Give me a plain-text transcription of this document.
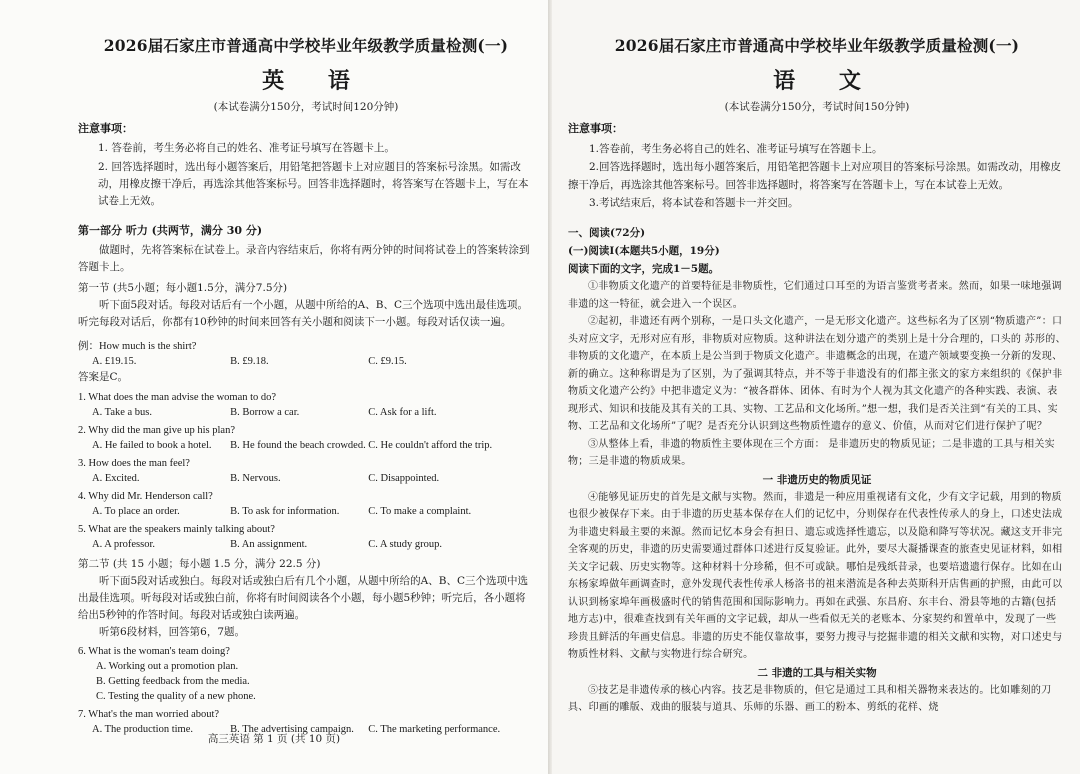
2026届石家庄市普通高中学校毕业年级教学质量检测(一)
英 语
(本试卷满分150分，考试时间120分钟)
注意事项：

1. 答卷前，考生务必将自己的姓名、准考证号填写在答题卡上。

2. 回答选择题时，选出每小题答案后，用铅笔把答题卡上对应题目的答案标号涂黑。如需改动，用橡皮擦干净后，再选涂其他答案标号。回答非选择题时，将答案写在答题卡上，写在本试卷上无效。

第一部分 听力 (共两节，满分 30 分)

做题时，先将答案标在试卷上。录音内容结束后，你将有两分钟的时间将试卷上的答案转涂到答题卡上。

第一节 (共5小题；每小题1.5分，满分7.5分)

听下面5段对话。每段对话后有一个小题，从题中所给的A、B、C三个选项中选出最佳选项。听完每段对话后，你都有10秒钟的时间来回答有关小题和阅读下一小题。每段对话仅读一遍。

例：How much is the shirt?

A. £19.15.	B. £9.18.	C. £9.15.

答案是C。

1. What does the man advise the woman to do?

A. Take a bus.	B. Borrow a car.	C. Ask for a lift.

2. Why did the man give up his plan?

A. He failed to book a hotel.	B. He found the beach crowded. C. He couldn't afford the trip.

3. How does the man feel?

A. Excited.	B. Nervous.	C. Disappointed.

4. Why did Mr. Henderson call?

A. To place an order.	B. To ask for information.	C. To make a complaint.

5. What are the speakers mainly talking about?

A. A professor.	B. An assignment.	C. A study group.

第二节 (共 15 小题；每小题 1.5 分，满分 22.5 分)

听下面5段对话或独白。每段对话或独白后有几个小题，从题中所给的A、B、C三个选项中选出最佳选项。听每段对话或独白前，你将有时间阅读各个小题，每小题5秒钟；听完后，各小题将给出5秒钟的作答时间。每段对话或独白读两遍。

听第6段材料，回答第6，7题。

6. What is the woman's team doing?

A. Working out a promotion plan.

B. Getting feedback from the media.

C. Testing the quality of a new phone.

7. What's the man worried about?

A. The production time.	B. The advertising campaign.	C. The marketing performance.
高三英语 第 1 页 (共 10 页)
2026届石家庄市普通高中学校毕业年级教学质量检测(一)
语 文
(本试卷满分150分，考试时间150分钟)
注意事项：

1.答卷前，考生务必将自己的姓名、准考证号填写在答题卡上。

2.回答选择题时，选出每小题答案后，用铅笔把答题卡上对应项目的答案标号涂黑。如需改动，用橡皮擦干净后，再选涂其他答案标号。回答非选择题时，将答案写在答题卡上，写在本试卷上无效。

3.考试结束后，将本试卷和答题卡一并交回。

一、阅读(72分)

(一)阅读Ⅰ(本题共5小题，19分)

阅读下面的文字，完成1－5题。

①非物质文化遗产的首要特征是非物质性，它们通过口耳至的为语言鉴赏考者来。然而，如果一味地强调非遗的这一特征，就会进入一个误区。

②起初，非遗还有两个别称，一是口头文化遗产，一是无形文化遗产。这些标名为了区别“物质遗产”：口头对应文字，无形对应有形，非物质对应物质。这种讲法在划分遗产的类别上是十分合理的，口头的 苏形的、非物质的文化遗产，在本质上是公当到于物质文化遗产。非遗概念的出现，在遗产领域要变换一分新的发现、新的确立。这种称谓是为了区别，为了强调其特点，并不等于非遗没有的们都主张文的家方来组织的《保护非物质文化遗产公约》中把非遗定义为：“被各群体、团体、有时为个人视为其文化遗产的各种实践、表演、表现形式、知识和技能及其有关的工具、实物、工艺品和文化场所。”想一想，我们是否关注到“有关的工具、实物、工艺品和文化场所”了呢？是否充分认识到这些物质性遗存的意义、价值，从而对它们进行保护了呢？

③从整体上看，非遗的物质性主要体现在三个方面： 是非遗历史的物质见证；二是非遗的工具与相关实物；三是非遗的物质成果。

一 非遗历史的物质见证

④能够见证历史的首先是文献与实物。然而，非遗是一种应用重视诸有文化，少有文字记载，用到的物质也很少被保存下来。由于非遗的历史基本保存在人们的记忆中，分则保存在代表性传承人的身上，口述史法成为非遗史料最主要的来源。然而记忆本身会有担日、遗忘或选择性遗忘，以及隐和降写等状况。藏这支开非完全客观的历史，非遗的历史需要通过群体口述进行反复验证。此外，要尽大凝播课查的旅查史见证材料，如相关文字记载、历史实物等。这种材料十分珍稀，但不可或缺。哪怕是残纸昔录，也要培遗遗行保存。比如在山东杨家埠做年画调查时，意外发现代表性传承人杨洛书的祖来潜流是各种去英斯科开店售画的护照，由此可以认识到杨家埠年画极盛时代的销售范围和国际影响力。再如在武强、东昌府、东丰台、滑县等地的古籍(包括地方志)中，很难查找到有关年画的文字记载，却从一些看似无关的老账本、分家契约和置单中，发现了一些珍贵且鲜活的年画史信息。非遗的历史不能仅靠故事，要努力搜寻与挖掘非遗的相关文献和实物，对口述史与物质性材料、文献与实物进行综合研究。

二 非遗的工具与相关实物

⑤技艺是非遗传承的核心内容。技艺是非物质的，但它是通过工具和相关器物来表达的。比如雕刻的刀具、印画的雕版、戏曲的服装与道具、乐师的乐器、画工的粉本、剪纸的花样、烧
